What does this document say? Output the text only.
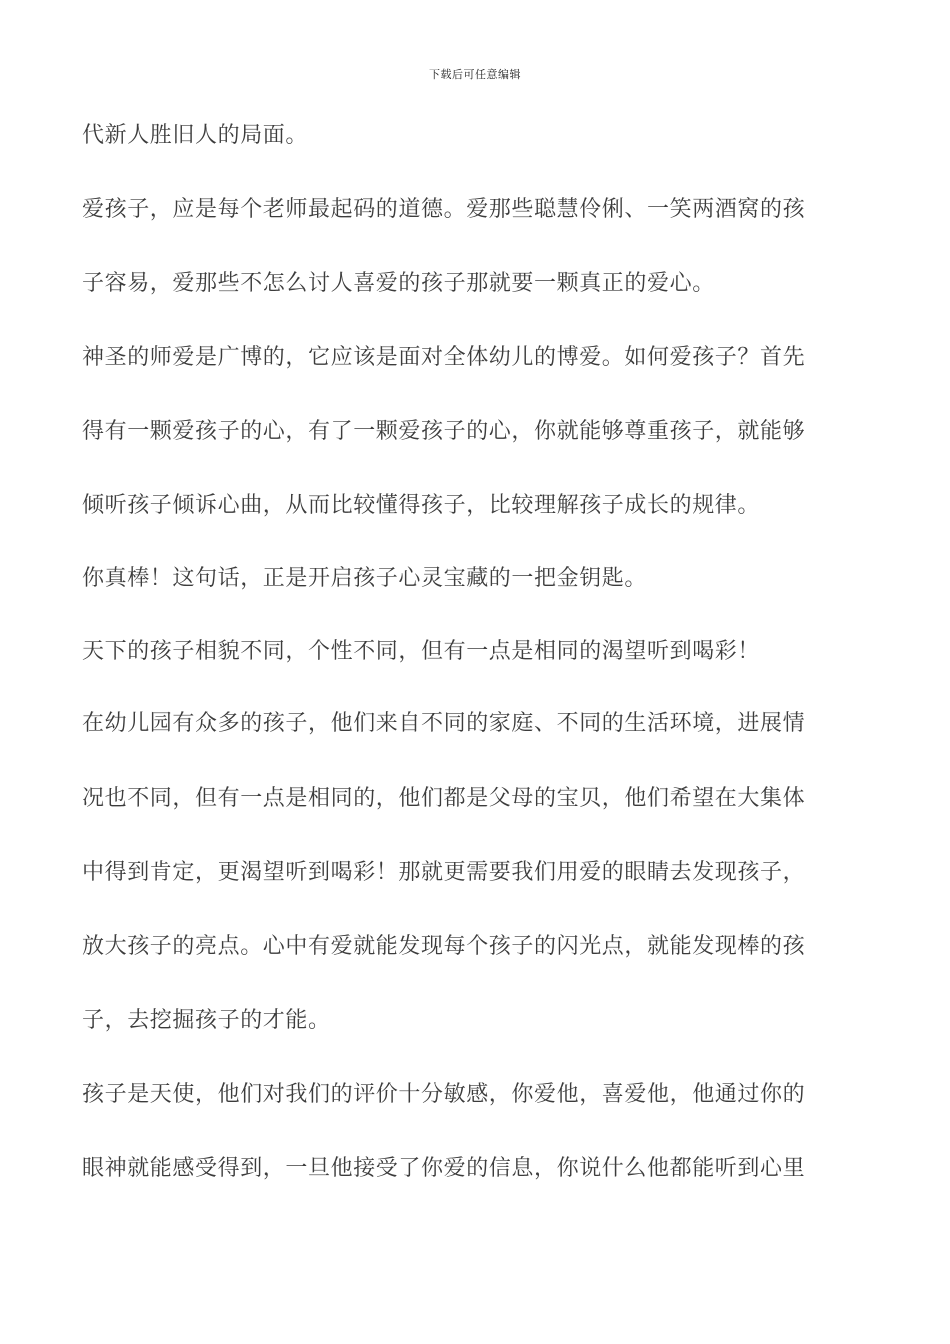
下载后可任意编辑
代新人胜旧人的局面。
爱孩子，应是每个老师最起码的道德。爱那些聪慧伶俐、一笑两酒窝的孩
子容易，爱那些不怎么讨人喜爱的孩子那就要一颗真正的爱心。
神圣的师爱是广博的，它应该是面对全体幼儿的博爱。如何爱孩子？首先
得有一颗爱孩子的心，有了一颗爱孩子的心，你就能够尊重孩子，就能够
倾听孩子倾诉心曲，从而比较懂得孩子，比较理解孩子成长的规律。
你真棒！这句话，正是开启孩子心灵宝藏的一把金钥匙。
天下的孩子相貌不同，个性不同，但有一点是相同的渴望听到喝彩！
在幼儿园有众多的孩子，他们来自不同的家庭、不同的生活环境，进展情
况也不同，但有一点是相同的，他们都是父母的宝贝，他们希望在大集体
中得到肯定，更渴望听到喝彩！那就更需要我们用爱的眼睛去发现孩子，
放大孩子的亮点。心中有爱就能发现每个孩子的闪光点，就能发现棒的孩
子，去挖掘孩子的才能。
孩子是天使，他们对我们的评价十分敏感，你爱他，喜爱他，他通过你的
眼神就能感受得到，一旦他接受了你爱的信息，你说什么他都能听到心里
